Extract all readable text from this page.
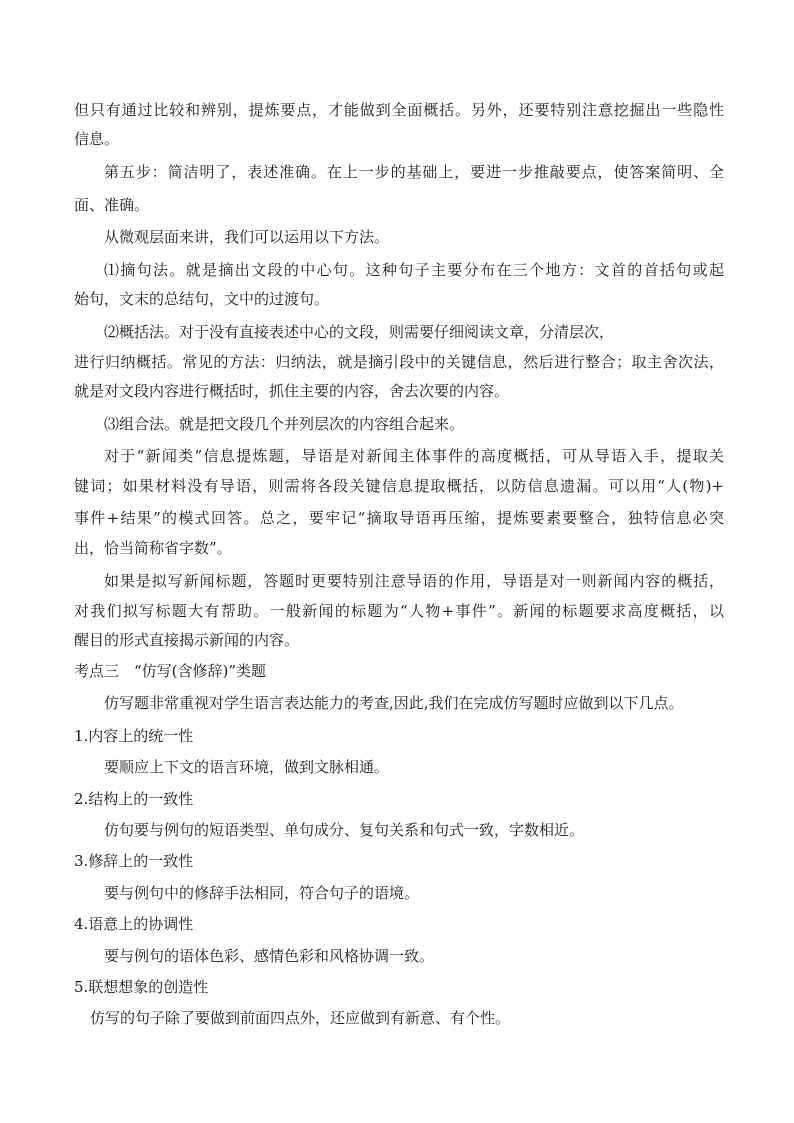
但只有通过比较和辨别，提炼要点，才能做到全面概括。另外，还要特别注意挖掘出一些隐性
信息。
第五步：简洁明了，表述准确。在上一步的基础上，要进一步推敲要点，使答案简明、全
面、准确。
从微观层面来讲，我们可以运用以下方法。
⑴摘句法。就是摘出文段的中心句。这种句子主要分布在三个地方：文首的首括句或起
始句，文末的总结句，文中的过渡句。
⑵概括法。对于没有直接表述中心的文段，则需要仔细阅读文章，分清层次，
进行归纳概括。常见的方法：归纳法，就是摘引段中的关键信息，然后进行整合；取主舍次法，
就是对文段内容进行概括时，抓住主要的内容，舍去次要的内容。
⑶组合法。就是把文段几个并列层次的内容组合起来。
对于“新闻类”信息提炼题，导语是对新闻主体事件的高度概括，可从导语入手，提取关
键词；如果材料没有导语，则需将各段关键信息提取概括，以防信息遗漏。可以用“人(物)+
事件+结果”的模式回答。总之，要牢记“摘取导语再压缩，提炼要素要整合，独特信息必突
出，恰当简称省字数”。
如果是拟写新闻标题，答题时更要特别注意导语的作用，导语是对一则新闻内容的概括，
对我们拟写标题大有帮助。一般新闻的标题为“人物+事件”。新闻的标题要求高度概括，以
醒目的形式直接揭示新闻的内容。
考点三　“仿写(含修辞)”类题
仿写题非常重视对学生语言表达能力的考查,因此,我们在完成仿写题时应做到以下几点。
1.内容上的统一性
要顺应上下文的语言环境，做到文脉相通。
2.结构上的一致性
仿句要与例句的短语类型、单句成分、复句关系和句式一致，字数相近。
3.修辞上的一致性
要与例句中的修辞手法相同，符合句子的语境。
4.语意上的协调性
要与例句的语体色彩、感情色彩和风格协调一致。
5.联想想象的创造性
仿写的句子除了要做到前面四点外，还应做到有新意、有个性。
